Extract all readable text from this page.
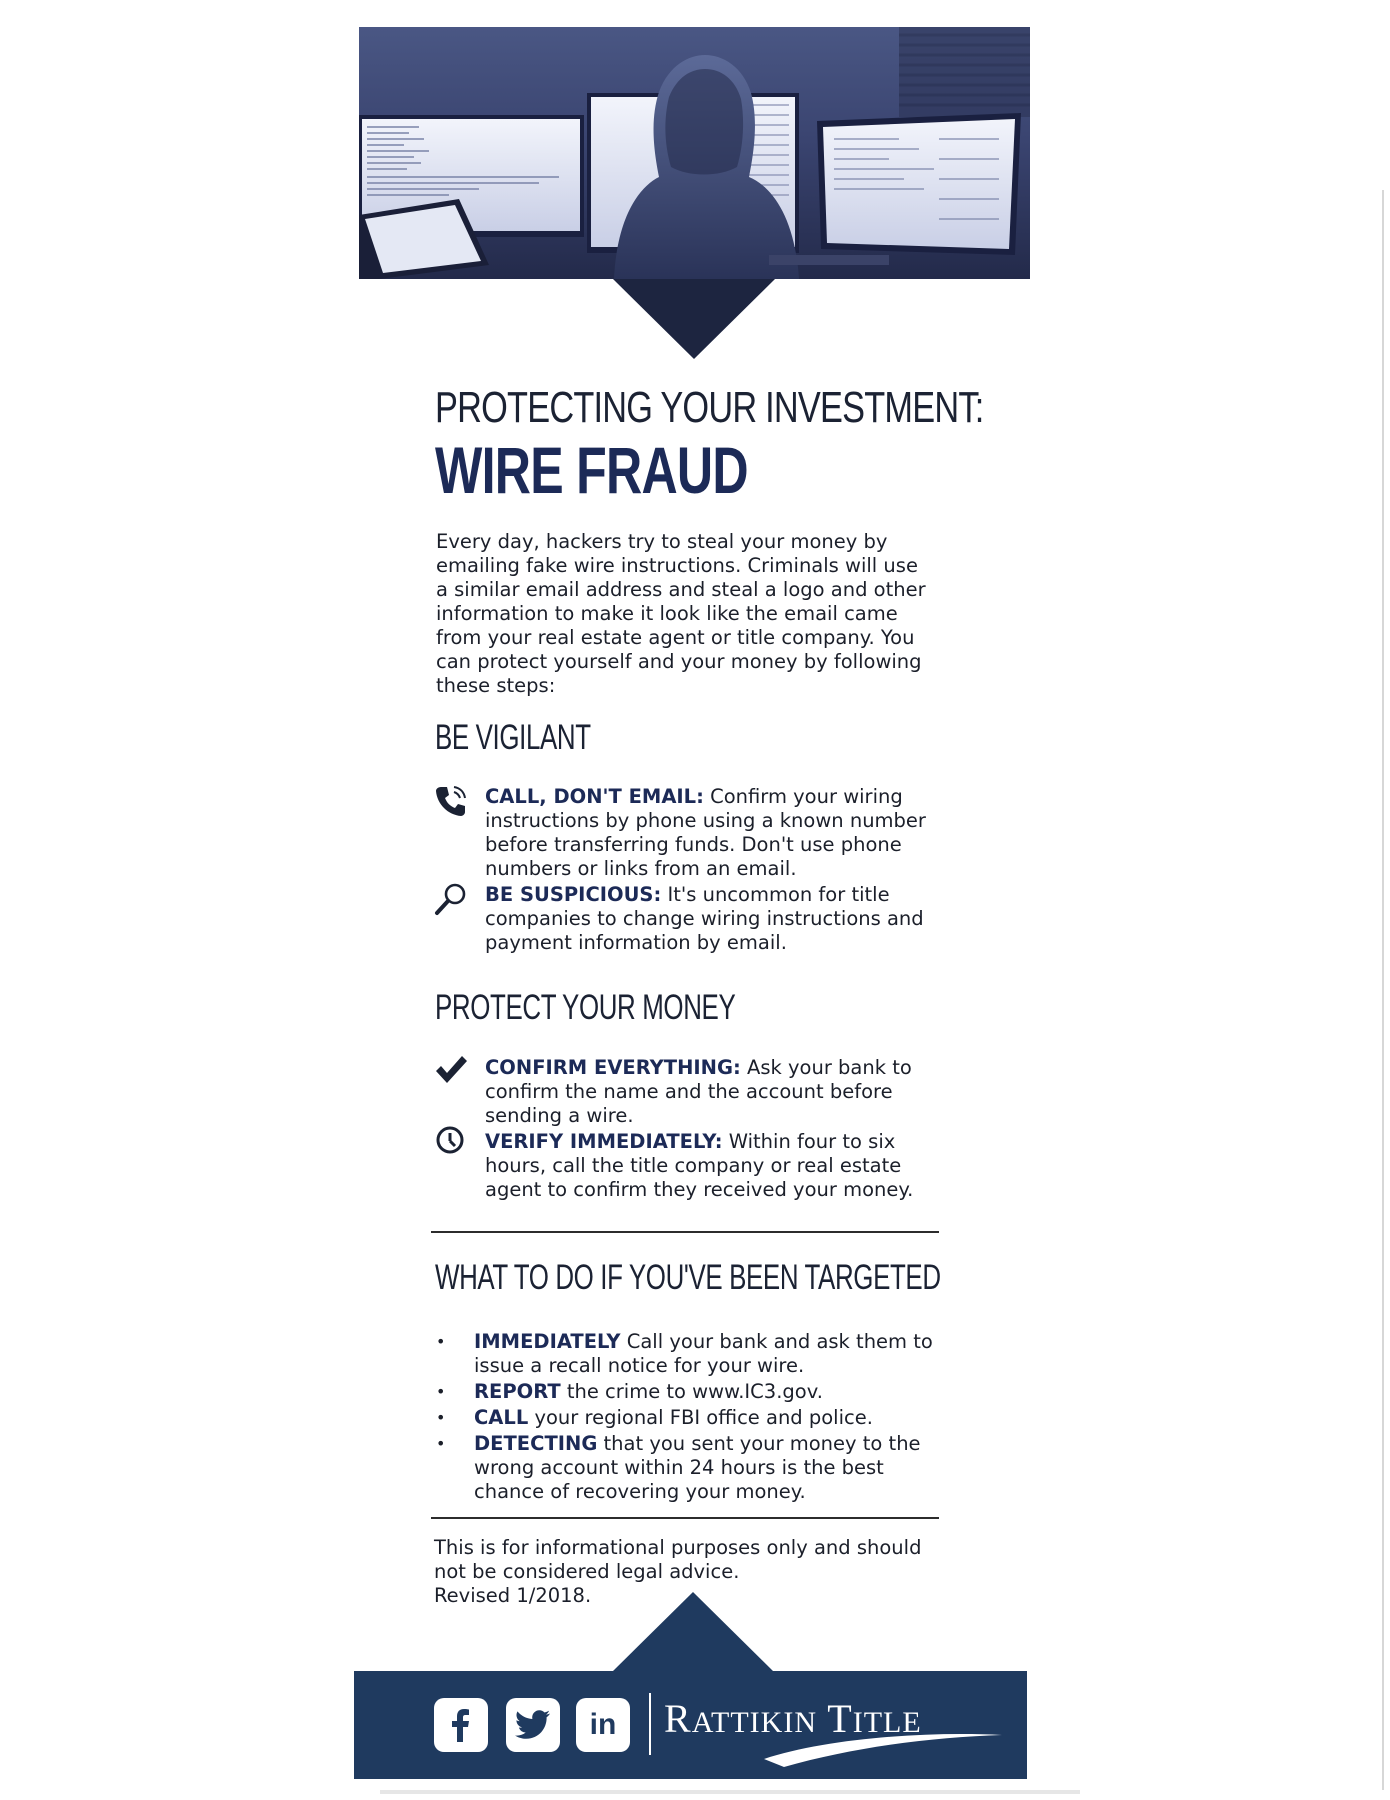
PROTECTING YOUR INVESTMENT:
WIRE FRAUD
Every day, hackers try to steal your money by emailing fake wire instructions. Criminals will use a similar email address and steal a logo and other information to make it look like the email came from your real estate agent or title company. You can protect yourself and your money by following these steps:
BE VIGILANT
CALL, DON'T EMAIL: Confirm your wiring instructions by phone using a known number before transferring funds. Don't use phone numbers or links from an email.
BE SUSPICIOUS: It's uncommon for title companies to change wiring instructions and payment information by email.
PROTECT YOUR MONEY
CONFIRM EVERYTHING: Ask your bank to confirm the name and the account before sending a wire.
VERIFY IMMEDIATELY: Within four to six hours, call the title company or real estate agent to confirm they received your money.
WHAT TO DO IF YOU'VE BEEN TARGETED
• IMMEDIATELY Call your bank and ask them to issue a recall notice for your wire.
• REPORT the crime to www.IC3.gov.
• CALL your regional FBI office and police.
• DETECTING that you sent your money to the wrong account within 24 hours is the best chance of recovering your money.
This is for informational purposes only and should not be considered legal advice.
Revised 1/2018.
in RATTIKIN TITLE
